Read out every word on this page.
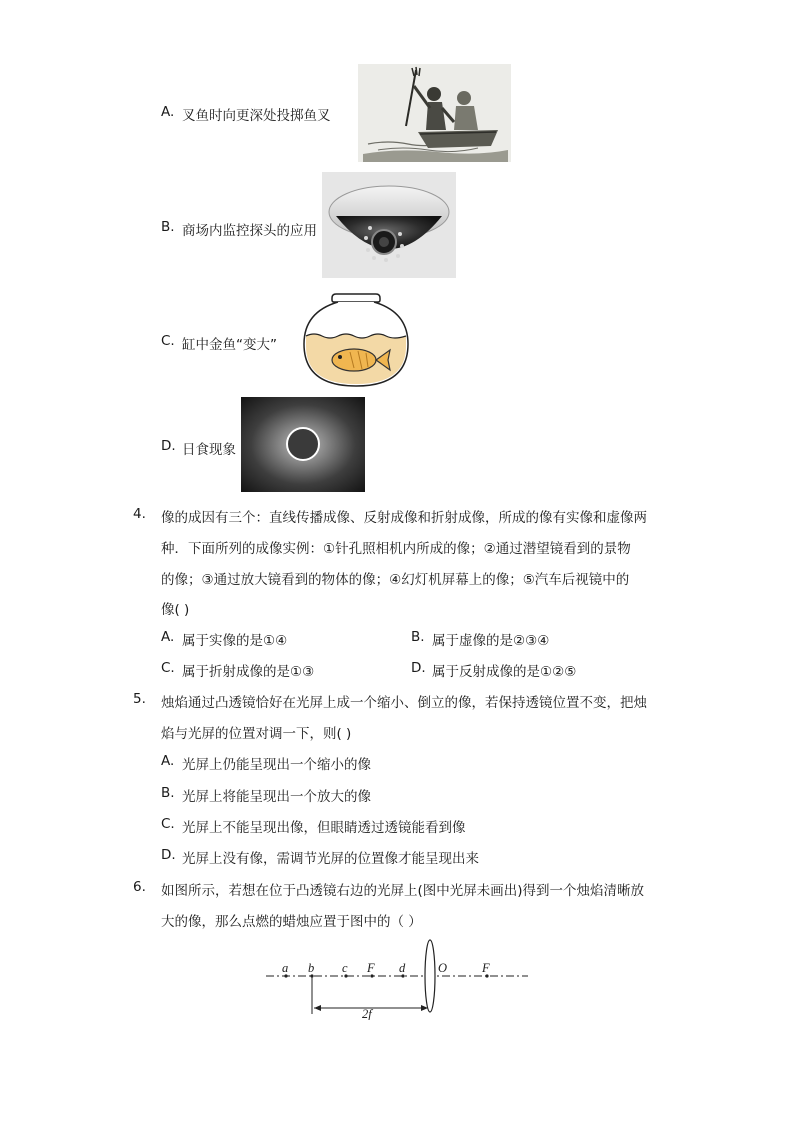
A. 叉鱼时向更深处投掷鱼叉
B. 商场内监控探头的应用
C. 缸中金鱼“变大”
D. 日食现象
4. 像的成因有三个：直线传播成像、反射成像和折射成像，所成的像有实像和虚像两
种．下面所列的成像实例：①针孔照相机内所成的像；②通过潜望镜看到的景物
的像；③通过放大镜看到的物体的像；④幻灯机屏幕上的像；⑤汽车后视镜中的
像( )
A. 属于实像的是①④	B. 属于虚像的是②③④
C. 属于折射成像的是①③	D. 属于反射成像的是①②⑤
5. 烛焰通过凸透镜恰好在光屏上成一个缩小、倒立的像，若保持透镜位置不变，把烛
焰与光屏的位置对调一下，则( )
A. 光屏上仍能呈现出一个缩小的像
B. 光屏上将能呈现出一个放大的像
C. 光屏上不能呈现出像，但眼睛透过透镜能看到像
D. 光屏上没有像，需调节光屏的位置像才能呈现出来
6. 如图所示，若想在位于凸透镜右边的光屏上(图中光屏未画出)得到一个烛焰清晰放
大的像，那么点燃的蜡烛应置于图中的（ ）
a b c F d	O	F
2f
